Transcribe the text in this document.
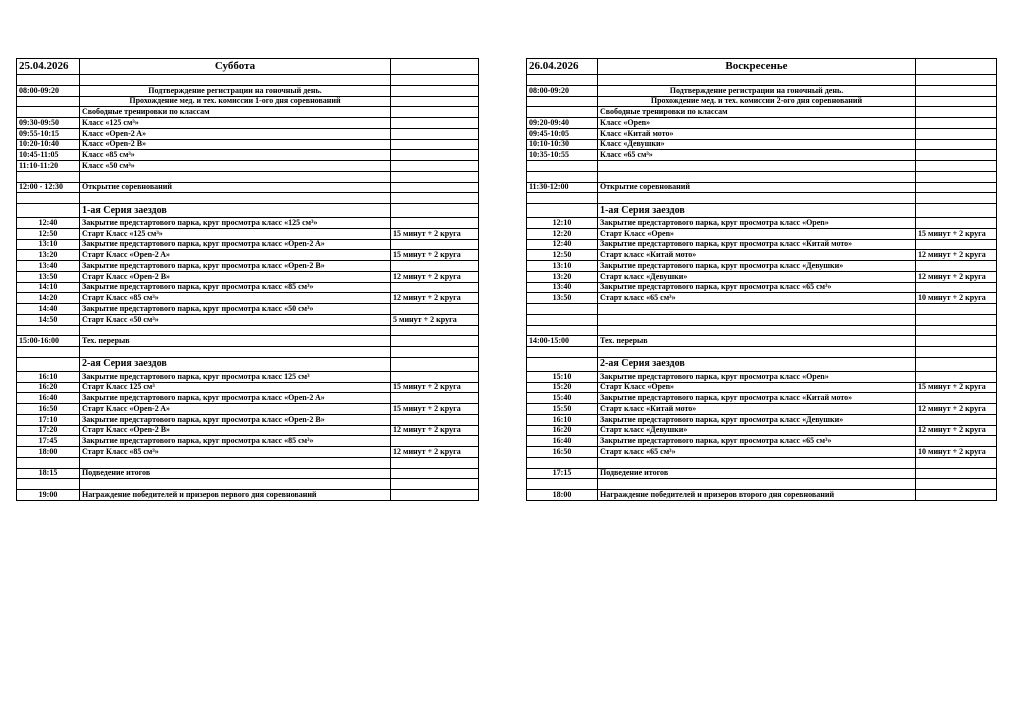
25.04.2026	Суббота	

08:00-09:20	Подтверждение регистрации на гоночный день.	
	Прохождение мед. и тех. комиссии 1-ого дня соревнований	
	Свободные тренировки по классам	
09:30-09:50	Класс «125 см³»	
09:55-10:15	Класс «Open-2 A»	
10:20-10:40	Класс «Open-2 B»	
10:45-11:05	Класс «85 см³»	
11:10-11:20	Класс «50 см³»	

12:00 - 12:30	Открытие соревнований	

	1-ая Серия заездов	
12:40	Закрытие предстартового парка, круг просмотра класс «125 см³»	
12:50	Старт Класс «125 см³»	15 минут + 2 круга
13:10	Закрытие предстартового парка, круг просмотра класс «Open-2 A»	
13:20	Старт Класс «Open-2 A»	15 минут + 2 круга
13:40	Закрытие предстартового парка, круг просмотра класс «Open-2 B»	
13:50	Старт Класс «Open-2 B»	12 минут + 2 круга
14:10	Закрытие предстартового парка, круг просмотра класс «85 см³»	
14:20	Старт Класс «85 см³»	12 минут + 2 круга
14:40	Закрытие предстартового парка, круг просмотра класс «50 см³»	
14:50	Старт Класс «50 см³»	5 минут + 2 круга

15:00-16:00	Тех. перерыв	

	2-ая Серия заездов	
16:10	Закрытие предстартового парка, круг просмотра класс 125 см³	
16:20	Старт Класс 125 см³	15 минут + 2 круга
16:40	Закрытие предстартового парка, круг просмотра класс «Open-2 A»	
16:50	Старт Класс «Open-2 A»	15 минут + 2 круга
17:10	Закрытие предстартового парка, круг просмотра класс «Open-2 B»	
17:20	Старт Класс «Open-2 B»	12 минут + 2 круга
17:45	Закрытие предстартового парка, круг просмотра класс «85 см³»	
18:00	Старт Класс «85 см³»	12 минут + 2 круга

18:15	Подведение итогов	

19:00	Награждение победителей и призеров первого дня соревнований	
26.04.2026	Воскресенье	

08:00-09:20	Подтверждение регистрации на гоночный день.	
	Прохождение мед. и тех. комиссии 2-ого дня соревнований	
	Свободные тренировки по классам	
09:20-09:40	Класс «Open»	
09:45-10:05	Класс «Китай мото»	
10:10-10:30	Класс «Девушки»	
10:35-10:55	Класс «65 см³»	

11:30-12:00	Открытие соревнований	

	1-ая Серия заездов	
12:10	Закрытие предстартового парка, круг просмотра класс «Open»	
12:20	Старт Класс «Open»	15 минут + 2 круга
12:40	Закрытие предстартового парка, круг просмотра класс «Китай мото»	
12:50	Старт класс «Китай мото»	12 минут + 2 круга
13:10	Закрытие предстартового парка, круг просмотра класс «Девушки»	
13:20	Старт класс «Девушки»	12 минут + 2 круга
13:40	Закрытие предстартового парка, круг просмотра класс «65 см³»	
13:50	Старт класс «65 см³»	10 минут + 2 круга

14:00-15:00	Тех. перерыв	

	2-ая Серия заездов	
15:10	Закрытие предстартового парка, круг просмотра класс «Open»	
15:20	Старт Класс «Open»	15 минут + 2 круга
15:40	Закрытие предстартового парка, круг просмотра класс «Китай мото»	
15:50	Старт класс «Китай мото»	12 минут + 2 круга
16:10	Закрытие предстартового парка, круг просмотра класс «Девушки»	
16:20	Старт класс «Девушки»	12 минут + 2 круга
16:40	Закрытие предстартового парка, круг просмотра класс «65 см³»	
16:50	Старт класс «65 см³»	10 минут + 2 круга

17:15	Подведение итогов	

18:00	Награждение победителей и призеров второго дня соревнований	
